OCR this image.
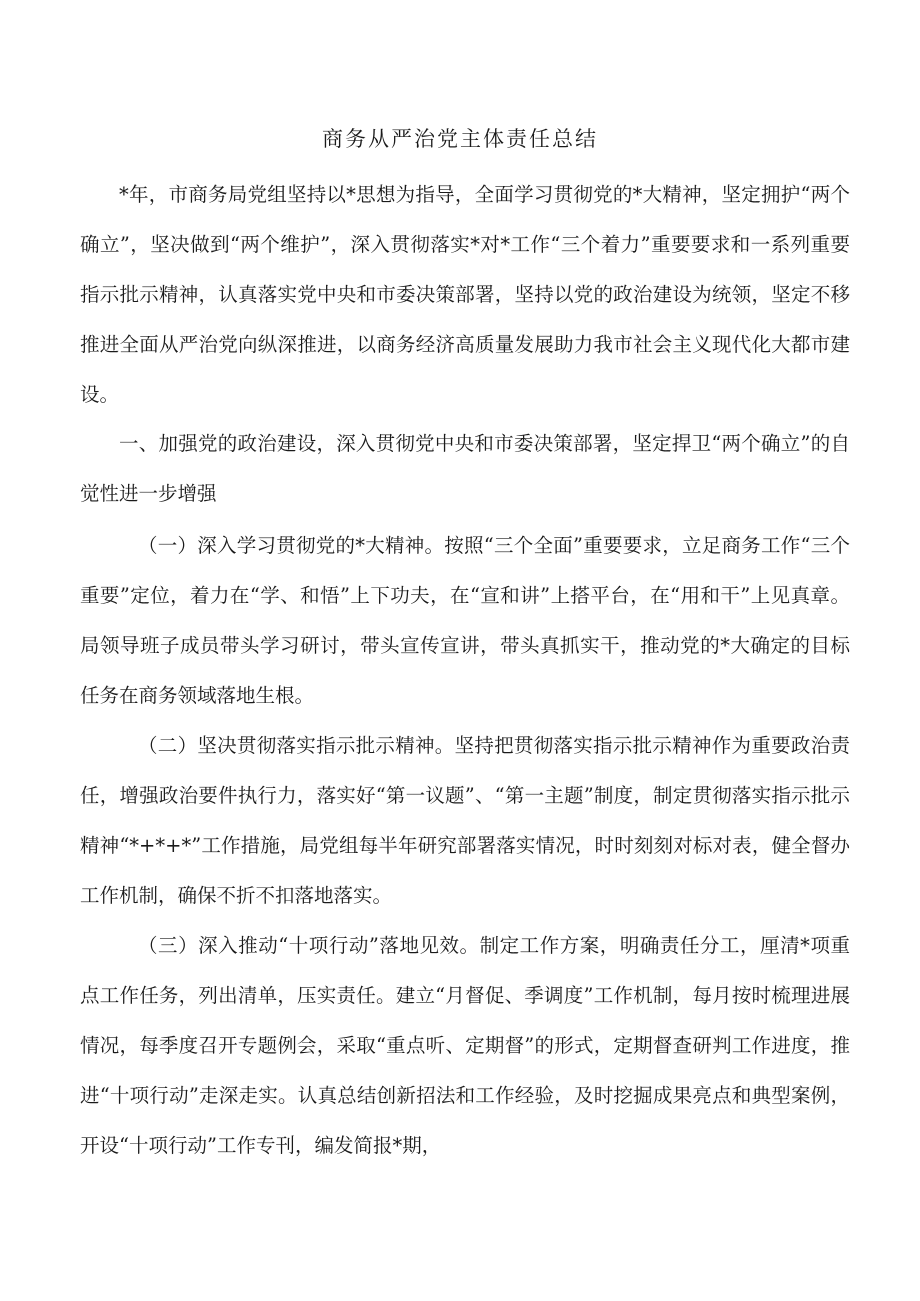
商务从严治党主体责任总结

*年，市商务局党组坚持以*思想为指导，全面学习贯彻党的*大精神，坚定拥护“两个确立”，坚决做到“两个维护”，深入贯彻落实*对*工作“三个着力”重要要求和一系列重要指示批示精神，认真落实党中央和市委决策部署，坚持以党的政治建设为统领，坚定不移推进全面从严治党向纵深推进，以商务经济高质量发展助力我市社会主义现代化大都市建设。

一、加强党的政治建设，深入贯彻党中央和市委决策部署，坚定捍卫“两个确立”的自觉性进一步增强

（一）深入学习贯彻党的*大精神。按照“三个全面”重要要求，立足商务工作“三个重要”定位，着力在“学、和悟”上下功夫，在“宣和讲”上搭平台，在“用和干”上见真章。局领导班子成员带头学习研讨，带头宣传宣讲，带头真抓实干，推动党的*大确定的目标任务在商务领域落地生根。

（二）坚决贯彻落实指示批示精神。坚持把贯彻落实指示批示精神作为重要政治责任，增强政治要件执行力，落实好“第一议题”、“第一主题”制度，制定贯彻落实指示批示精神“*+*+*”工作措施，局党组每半年研究部署落实情况，时时刻刻对标对表，健全督办工作机制，确保不折不扣落地落实。

（三）深入推动“十项行动”落地见效。制定工作方案，明确责任分工，厘清*项重点工作任务，列出清单，压实责任。建立“月督促、季调度”工作机制，每月按时梳理进展情况，每季度召开专题例会，采取“重点听、定期督”的形式，定期督查研判工作进度，推进“十项行动”走深走实。认真总结创新招法和工作经验，及时挖掘成果亮点和典型案例，开设“十项行动”工作专刊，编发简报*期，
